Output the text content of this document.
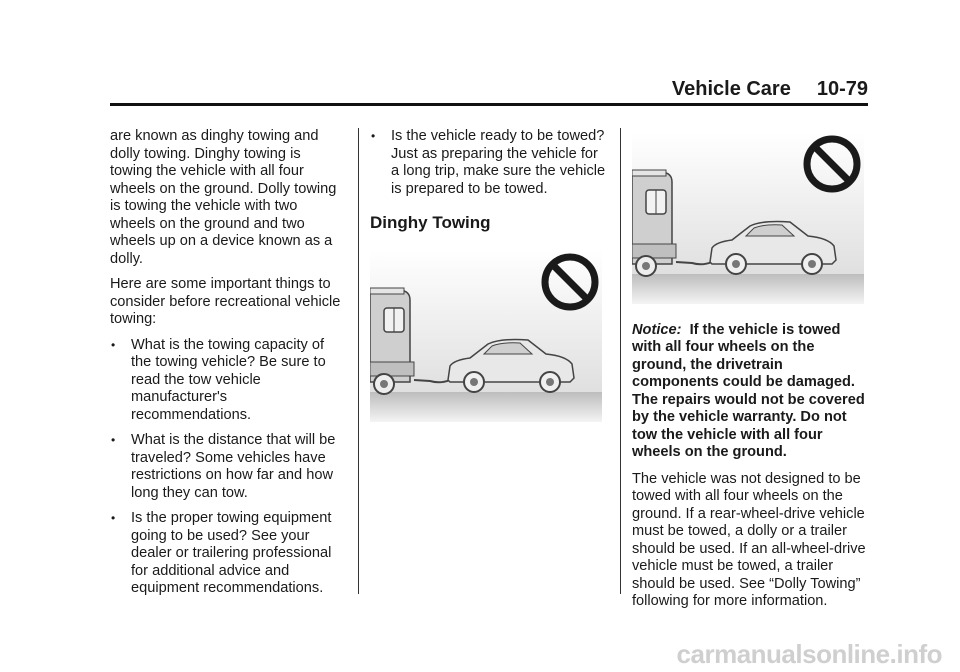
Vehicle Care 10-79

are known as dinghy towing and dolly towing. Dinghy towing is towing the vehicle with all four wheels on the ground. Dolly towing is towing the vehicle with two wheels on the ground and two wheels up on a device known as a dolly.

Here are some important things to consider before recreational vehicle towing:

• What is the towing capacity of the towing vehicle? Be sure to read the tow vehicle manufacturer's recommendations.
• What is the distance that will be traveled? Some vehicles have restrictions on how far and how long they can tow.
• Is the proper towing equipment going to be used? See your dealer or trailering professional for additional advice and equipment recommendations.
• Is the vehicle ready to be towed? Just as preparing the vehicle for a long trip, make sure the vehicle is prepared to be towed.
Dinghy Towing

Notice: If the vehicle is towed with all four wheels on the ground, the drivetrain components could be damaged. The repairs would not be covered by the vehicle warranty. Do not tow the vehicle with all four wheels on the ground.

The vehicle was not designed to be towed with all four wheels on the ground. If a rear-wheel-drive vehicle must be towed, a dolly or a trailer should be used. If an all-wheel-drive vehicle must be towed, a trailer should be used. See “Dolly Towing” following for more information.

carmanualsonline.info
